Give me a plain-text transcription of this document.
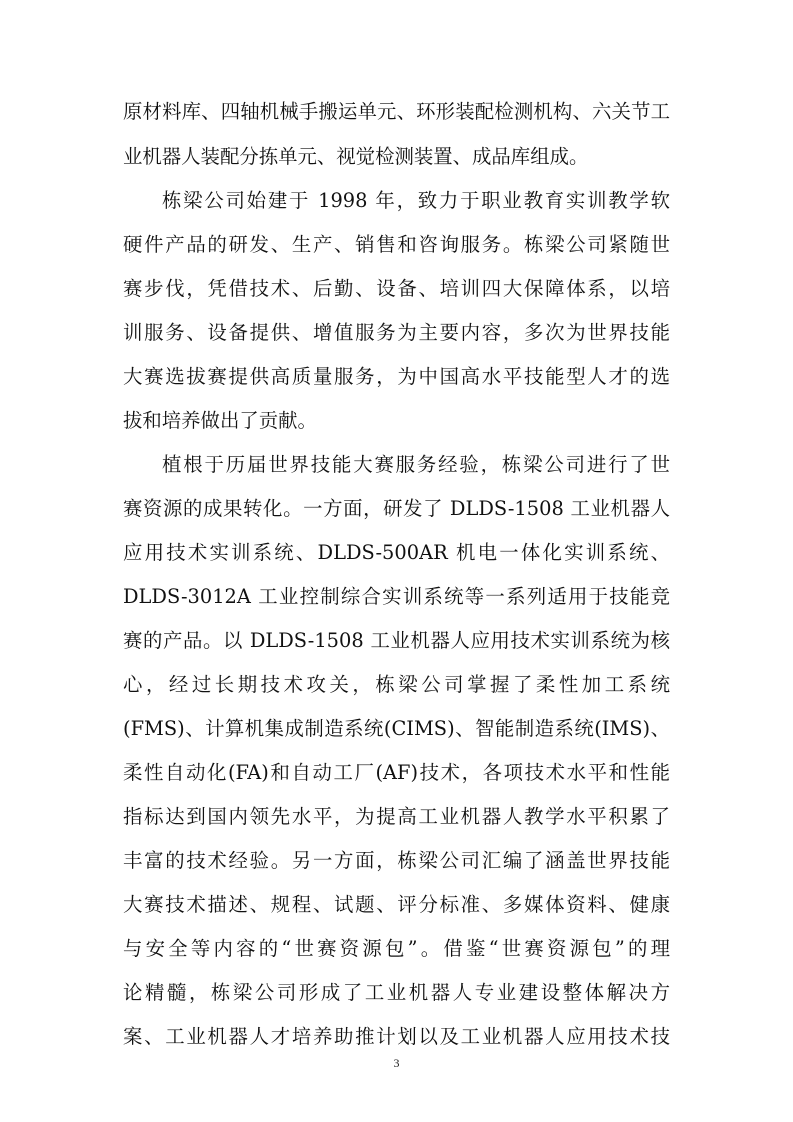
原材料库、四轴机械手搬运单元、环形装配检测机构、六关节工
业机器人装配分拣单元、视觉检测装置、成品库组成。
栋梁公司始建于 1998 年，致力于职业教育实训教学软
硬件产品的研发、生产、销售和咨询服务。栋梁公司紧随世
赛步伐，凭借技术、后勤、设备、培训四大保障体系，以培
训服务、设备提供、增值服务为主要内容，多次为世界技能
大赛选拔赛提供高质量服务，为中国高水平技能型人才的选
拔和培养做出了贡献。
植根于历届世界技能大赛服务经验，栋梁公司进行了世
赛资源的成果转化。一方面，研发了 DLDS-1508 工业机器人
应用技术实训系统、DLDS-500AR 机电一体化实训系统、
DLDS-3012A 工业控制综合实训系统等一系列适用于技能竞
赛的产品。以 DLDS-1508 工业机器人应用技术实训系统为核
心，经过长期技术攻关，栋梁公司掌握了柔性加工系统
(FMS)、计算机集成制造系统(CIMS)、智能制造系统(IMS)、
柔性自动化(FA)和自动工厂(AF)技术，各项技术水平和性能
指标达到国内领先水平，为提高工业机器人教学水平积累了
丰富的技术经验。另一方面，栋梁公司汇编了涵盖世界技能
大赛技术描述、规程、试题、评分标准、多媒体资料、健康
与安全等内容的“世赛资源包”。借鉴“世赛资源包”的理
论精髓，栋梁公司形成了工业机器人专业建设整体解决方
案、工业机器人才培养助推计划以及工业机器人应用技术技
3
